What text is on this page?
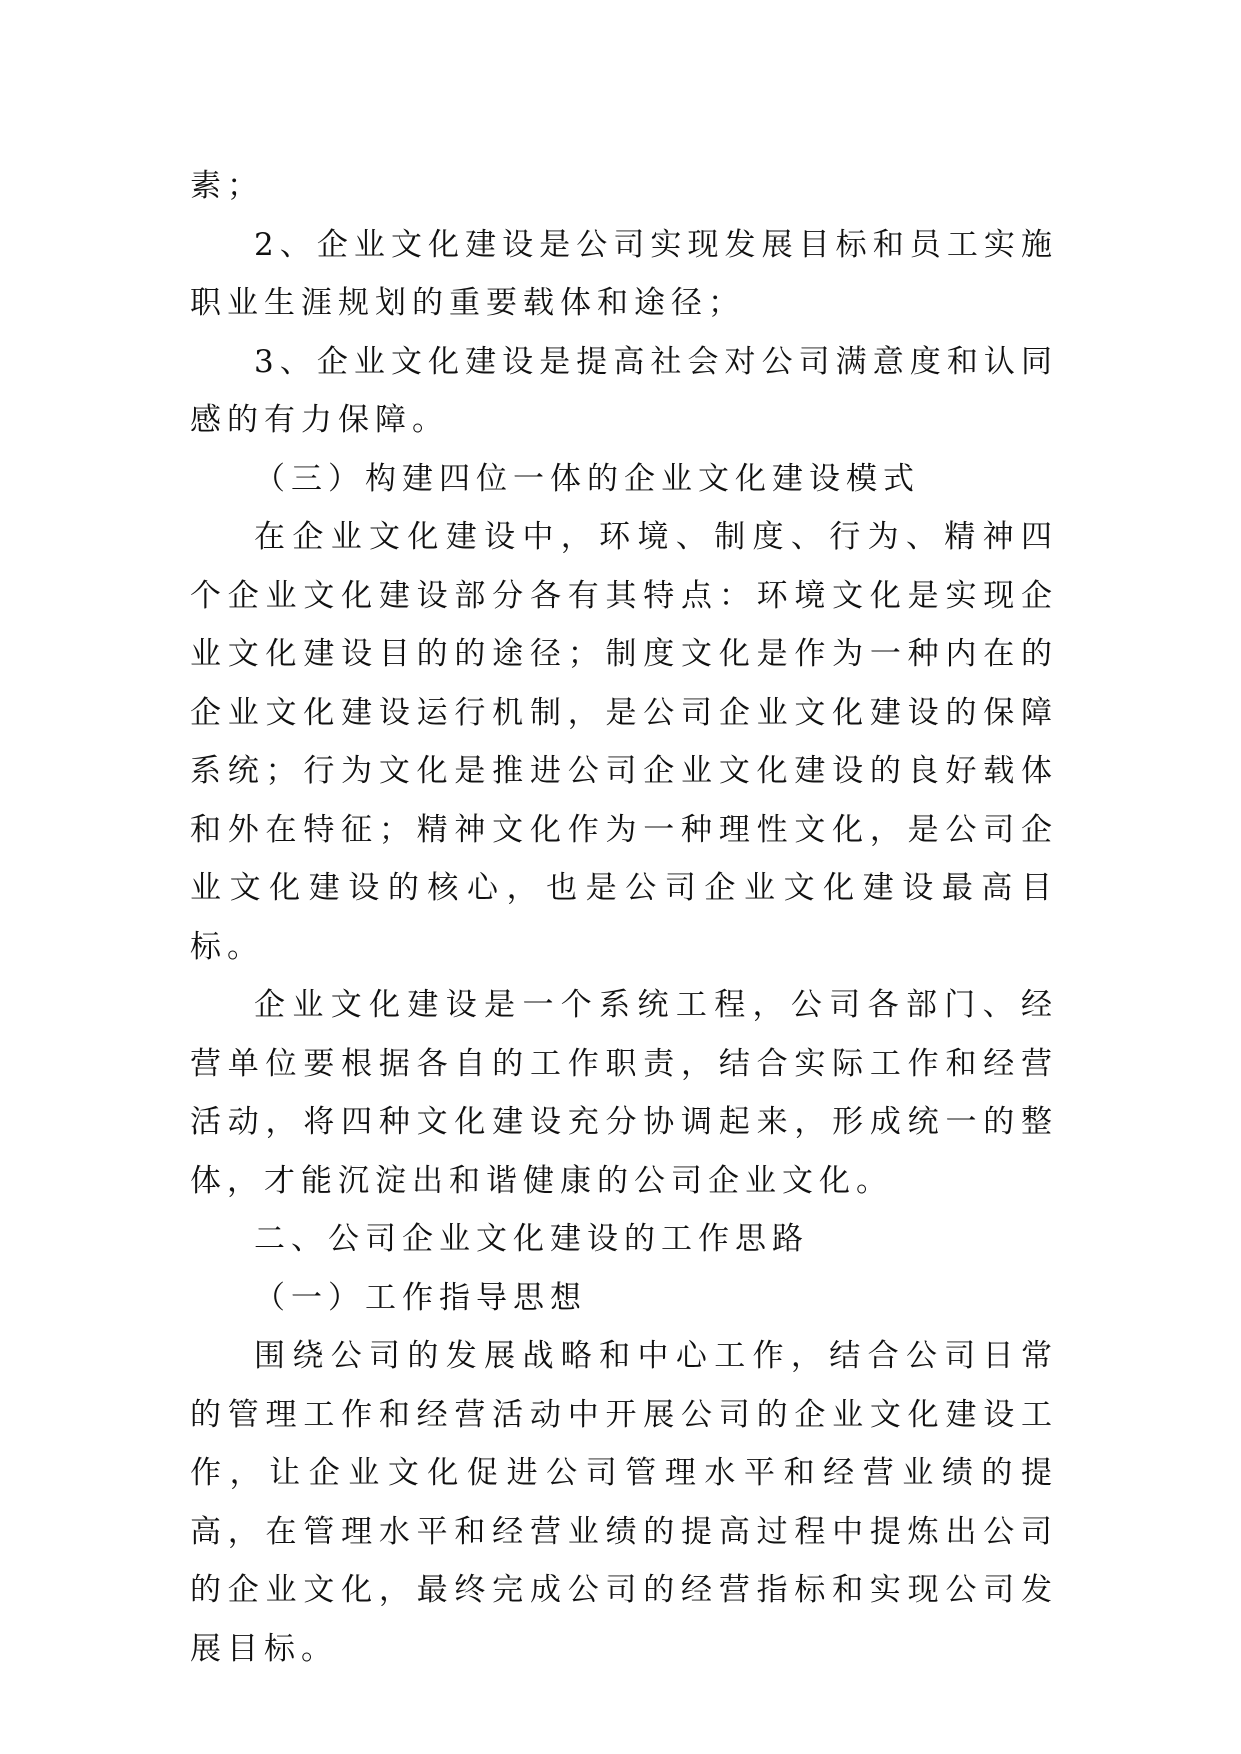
素；

2、企业文化建设是公司实现发展目标和员工实施职业生涯规划的重要载体和途径；

3、企业文化建设是提高社会对公司满意度和认同感的有力保障。

（三）构建四位一体的企业文化建设模式

在企业文化建设中，环境、制度、行为、精神四个企业文化建设部分各有其特点：环境文化是实现企业文化建设目的的途径；制度文化是作为一种内在的企业文化建设运行机制，是公司企业文化建设的保障系统；行为文化是推进公司企业文化建设的良好载体和外在特征；精神文化作为一种理性文化，是公司企业文化建设的核心，也是公司企业文化建设最高目标。

企业文化建设是一个系统工程，公司各部门、经营单位要根据各自的工作职责，结合实际工作和经营活动，将四种文化建设充分协调起来，形成统一的整体，才能沉淀出和谐健康的公司企业文化。

二、公司企业文化建设的工作思路

（一）工作指导思想

围绕公司的发展战略和中心工作，结合公司日常的管理工作和经营活动中开展公司的企业文化建设工作，让企业文化促进公司管理水平和经营业绩的提高，在管理水平和经营业绩的提高过程中提炼出公司的企业文化，最终完成公司的经营指标和实现公司发展目标。
